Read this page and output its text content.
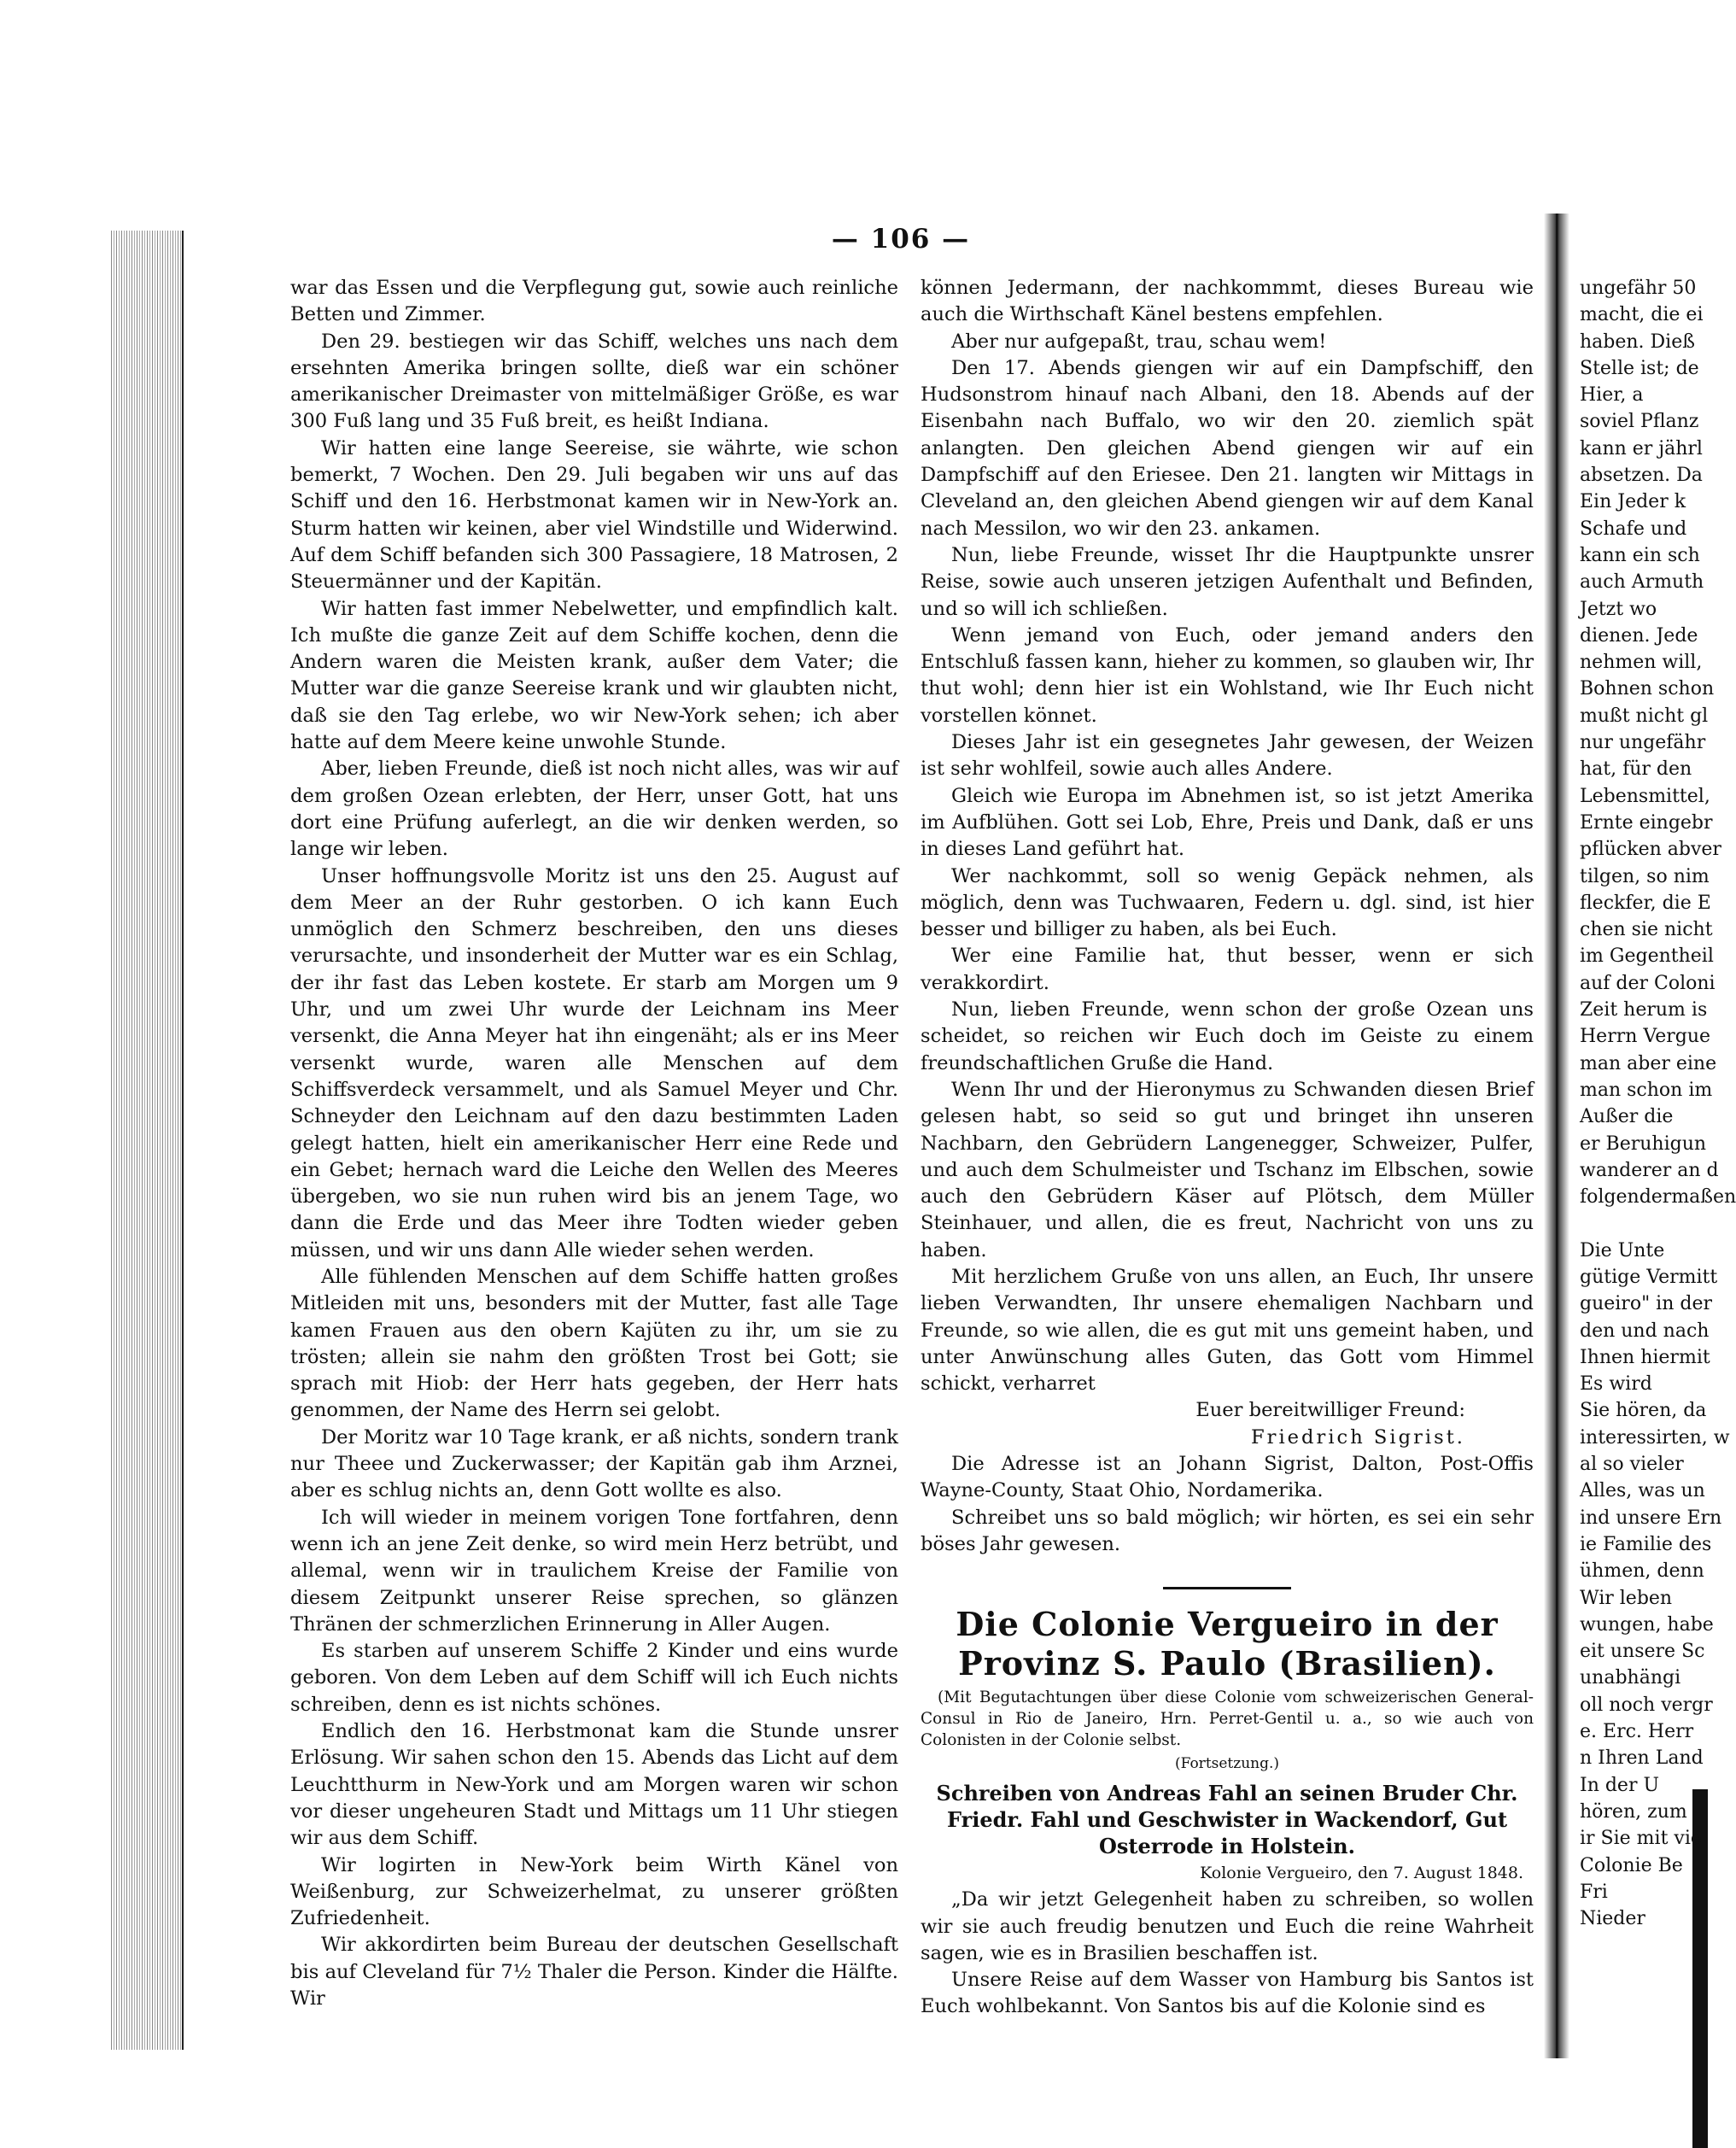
— 106 —

war das Essen und die Verpflegung gut, sowie auch reinliche Betten und Zimmer.

Den 29. bestiegen wir das Schiff, welches uns nach dem ersehnten Amerika bringen sollte, dieß war ein schöner amerikanischer Dreimaster von mittelmäßiger Größe, es war 300 Fuß lang und 35 Fuß breit, es heißt Indiana.

Wir hatten eine lange Seereise, sie währte, wie schon bemerkt, 7 Wochen. Den 29. Juli begaben wir uns auf das Schiff und den 16. Herbstmonat kamen wir in New-York an. Sturm hatten wir keinen, aber viel Windstille und Widerwind. Auf dem Schiff befanden sich 300 Passagiere, 18 Matrosen, 2 Steuermänner und der Kapitän.

Wir hatten fast immer Nebelwetter, und empfindlich kalt. Ich mußte die ganze Zeit auf dem Schiffe kochen, denn die Andern waren die Meisten krank, außer dem Vater; die Mutter war die ganze Seereise krank und wir glaubten nicht, daß sie den Tag erlebe, wo wir New-York sehen; ich aber hatte auf dem Meere keine unwohle Stunde.

Aber, lieben Freunde, dieß ist noch nicht alles, was wir auf dem großen Ozean erlebten, der Herr, unser Gott, hat uns dort eine Prüfung auferlegt, an die wir denken werden, so lange wir leben.

Unser hoffnungsvolle Moritz ist uns den 25. August auf dem Meer an der Ruhr gestorben. O ich kann Euch unmöglich den Schmerz beschreiben, den uns dieses verursachte, und insonderheit der Mutter war es ein Schlag, der ihr fast das Leben kostete. Er starb am Morgen um 9 Uhr, und um zwei Uhr wurde der Leichnam ins Meer versenkt, die Anna Meyer hat ihn eingenäht; als er ins Meer versenkt wurde, waren alle Menschen auf dem Schiffsverdeck versammelt, und als Samuel Meyer und Chr. Schneyder den Leichnam auf den dazu bestimmten Laden gelegt hatten, hielt ein amerikanischer Herr eine Rede und ein Gebet; hernach ward die Leiche den Wellen des Meeres übergeben, wo sie nun ruhen wird bis an jenem Tage, wo dann die Erde und das Meer ihre Todten wieder geben müssen, und wir uns dann Alle wieder sehen werden.

Alle fühlenden Menschen auf dem Schiffe hatten großes Mitleiden mit uns, besonders mit der Mutter, fast alle Tage kamen Frauen aus den obern Kajüten zu ihr, um sie zu trösten; allein sie nahm den größten Trost bei Gott; sie sprach mit Hiob: der Herr hats gegeben, der Herr hats genommen, der Name des Herrn sei gelobt.

Der Moritz war 10 Tage krank, er aß nichts, sondern trank nur Theee und Zuckerwasser; der Kapitän gab ihm Arznei, aber es schlug nichts an, denn Gott wollte es also.

Ich will wieder in meinem vorigen Tone fortfahren, denn wenn ich an jene Zeit denke, so wird mein Herz betrübt, und allemal, wenn wir in traulichem Kreise der Familie von diesem Zeitpunkt unserer Reise sprechen, so glänzen Thränen der schmerzlichen Erinnerung in Aller Augen.

Es starben auf unserem Schiffe 2 Kinder und eins wurde geboren. Von dem Leben auf dem Schiff will ich Euch nichts schreiben, denn es ist nichts schönes.

Endlich den 16. Herbstmonat kam die Stunde unsrer Erlösung. Wir sahen schon den 15. Abends das Licht auf dem Leuchtthurm in New-York und am Morgen waren wir schon vor dieser ungeheuren Stadt und Mittags um 11 Uhr stiegen wir aus dem Schiff.

Wir logirten in New-York beim Wirth Känel von Weißenburg, zur Schweizerhelmat, zu unserer größten Zufriedenheit.

Wir akkordirten beim Bureau der deutschen Gesellschaft bis auf Cleveland für 7½ Thaler die Person. Kinder die Hälfte. Wir

können Jedermann, der nachkommmt, dieses Bureau wie auch die Wirthschaft Känel bestens empfehlen.

Aber nur aufgepaßt, trau, schau wem!

Den 17. Abends giengen wir auf ein Dampfschiff, den Hudsonstrom hinauf nach Albani, den 18. Abends auf der Eisenbahn nach Buffalo, wo wir den 20. ziemlich spät anlangten. Den gleichen Abend giengen wir auf ein Dampfschiff auf den Eriesee. Den 21. langten wir Mittags in Cleveland an, den gleichen Abend giengen wir auf dem Kanal nach Messilon, wo wir den 23. ankamen.

Nun, liebe Freunde, wisset Ihr die Hauptpunkte unsrer Reise, sowie auch unseren jetzigen Aufenthalt und Befinden, und so will ich schließen.

Wenn jemand von Euch, oder jemand anders den Entschluß fassen kann, hieher zu kommen, so glauben wir, Ihr thut wohl; denn hier ist ein Wohlstand, wie Ihr Euch nicht vorstellen könnet.

Dieses Jahr ist ein gesegnetes Jahr gewesen, der Weizen ist sehr wohlfeil, sowie auch alles Andere.

Gleich wie Europa im Abnehmen ist, so ist jetzt Amerika im Aufblühen. Gott sei Lob, Ehre, Preis und Dank, daß er uns in dieses Land geführt hat.

Wer nachkommt, soll so wenig Gepäck nehmen, als möglich, denn was Tuchwaaren, Federn u. dgl. sind, ist hier besser und billiger zu haben, als bei Euch.

Wer eine Familie hat, thut besser, wenn er sich verakkordirt.

Nun, lieben Freunde, wenn schon der große Ozean uns scheidet, so reichen wir Euch doch im Geiste zu einem freundschaftlichen Gruße die Hand.

Wenn Ihr und der Hieronymus zu Schwanden diesen Brief gelesen habt, so seid so gut und bringet ihn unseren Nachbarn, den Gebrüdern Langenegger, Schweizer, Pulfer, und auch dem Schulmeister und Tschanz im Elbschen, sowie auch den Gebrüdern Käser auf Plötsch, dem Müller Steinhauer, und allen, die es freut, Nachricht von uns zu haben.

Mit herzlichem Gruße von uns allen, an Euch, Ihr unsere lieben Verwandten, Ihr unsere ehemaligen Nachbarn und Freunde, so wie allen, die es gut mit uns gemeint haben, und unter Anwünschung alles Guten, das Gott vom Himmel schickt, verharret

Euer bereitwilliger Freund:

Friedrich Sigrist.

Die Adresse ist an Johann Sigrist, Dalton, Post-Offis Wayne-County, Staat Ohio, Nordamerika.

Schreibet uns so bald möglich; wir hörten, es sei ein sehr böses Jahr gewesen.

Die Colonie Vergueiro in der Provinz S. Paulo (Brasilien).
(Mit Begutachtungen über diese Colonie vom schweizerischen General-Consul in Rio de Janeiro, Hrn. Perret-Gentil u. a., so wie auch von Colonisten in der Colonie selbst.
(Fortsetzung.)
Schreiben von Andreas Fahl an seinen Bruder Chr. Friedr. Fahl und Geschwister in Wackendorf, Gut Osterrode in Holstein.
Kolonie Vergueiro, den 7. August 1848.

„Da wir jetzt Gelegenheit haben zu schreiben, so wollen wir sie auch freudig benutzen und Euch die reine Wahrheit sagen, wie es in Brasilien beschaffen ist.

Unsere Reise auf dem Wasser von Hamburg bis Santos ist Euch wohlbekannt. Von Santos bis auf die Kolonie sind es

ungefähr 50
macht, die ei
haben. Dieß
Stelle ist; de
Hier, a
soviel Pflanz
kann er jährl
absetzen. Da
Ein Jeder k
Schafe und
kann ein sch
auch Armuth
Jetzt wo
dienen. Jede
nehmen will,
Bohnen schon
mußt nicht gl
nur ungefähr
hat, für den
Lebensmittel,
Ernte eingebr
pflücken abver
tilgen, so nim
fleckfer, die E
chen sie nicht
im Gegentheil
auf der Coloni
Zeit herum is
Herrn Vergue
man aber eine
man schon im
Außer die
er Beruhigun
wanderer an d
folgendermaßen

Die Unte
gütige Vermitt
gueiro" in der
den und nach
Ihnen hiermit
Es wird
Sie hören, da
interessirten, w
al so vieler
Alles, was un
ind unsere Ern
ie Familie des
ühmen, denn
Wir leben
wungen, habe
eit unsere Sc
unabhängi
oll noch vergr
e. Erc. Herr
n Ihren Land
In der U
hören, zum
ir Sie mit vie
Colonie Be
Fri
Nieder
